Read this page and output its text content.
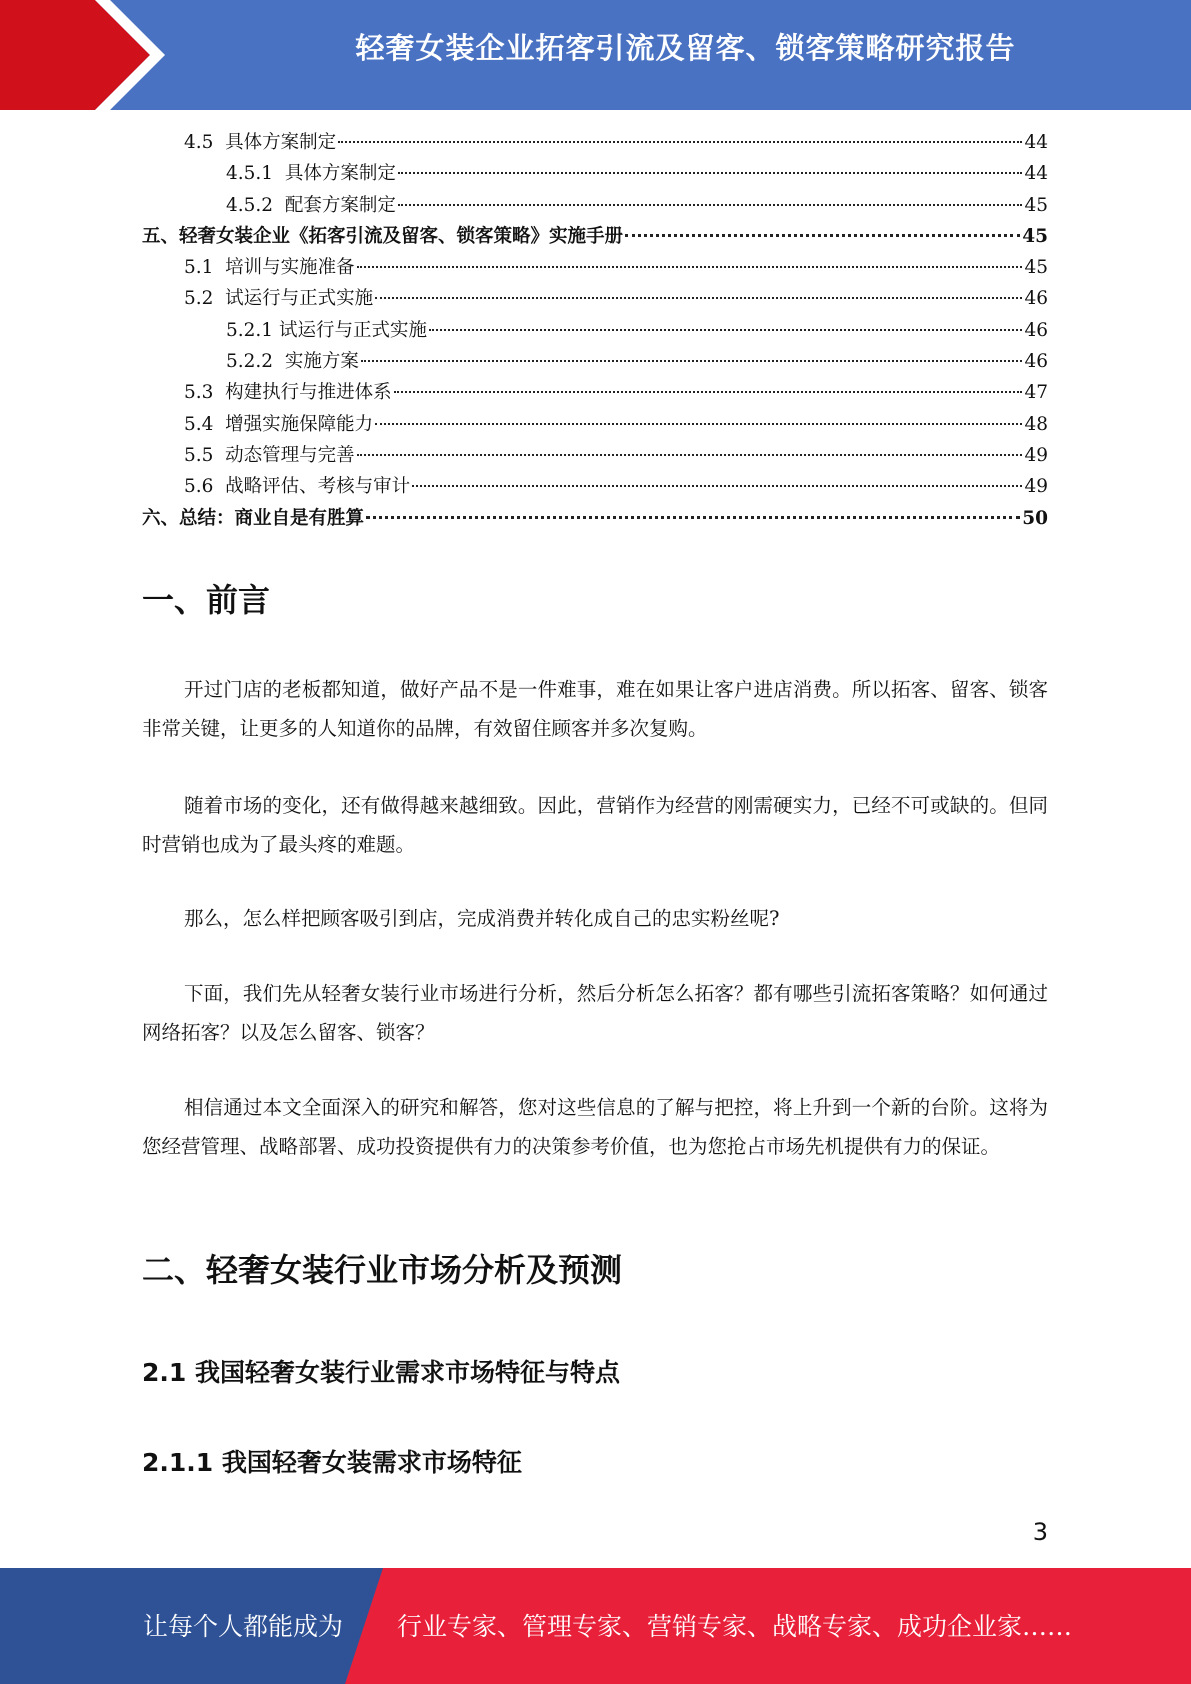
轻奢女装企业拓客引流及留客、锁客策略研究报告
4.5  具体方案制定	44
4.5.1  具体方案制定	44
4.5.2  配套方案制定	45
五、轻奢女装企业《拓客引流及留客、锁客策略》实施手册	45
5.1  培训与实施准备	45
5.2  试运行与正式实施	46
5.2.1 试运行与正式实施	46
5.2.2  实施方案	46
5.3  构建执行与推进体系	47
5.4  增强实施保障能力	48
5.5  动态管理与完善	49
5.6  战略评估、考核与审计	49
六、总结：商业自是有胜算	50
一、前言

开过门店的老板都知道，做好产品不是一件难事，难在如果让客户进店消费。所以拓客、留客、锁客非常关键，让更多的人知道你的品牌，有效留住顾客并多次复购。

随着市场的变化，还有做得越来越细致。因此，营销作为经营的刚需硬实力，已经不可或缺的。但同时营销也成为了最头疼的难题。

那么，怎么样把顾客吸引到店，完成消费并转化成自己的忠实粉丝呢?

下面，我们先从轻奢女装行业市场进行分析，然后分析怎么拓客？都有哪些引流拓客策略？如何通过网络拓客？以及怎么留客、锁客？

相信通过本文全面深入的研究和解答，您对这些信息的了解与把控，将上升到一个新的台阶。这将为您经营管理、战略部署、成功投资提供有力的决策参考价值，也为您抢占市场先机提供有力的保证。

二、轻奢女装行业市场分析及预测
2.1 我国轻奢女装行业需求市场特征与特点
2.1.1 我国轻奢女装需求市场特征
3
让每个人都能成为 行业专家、管理专家、营销专家、战略专家、成功企业家……
